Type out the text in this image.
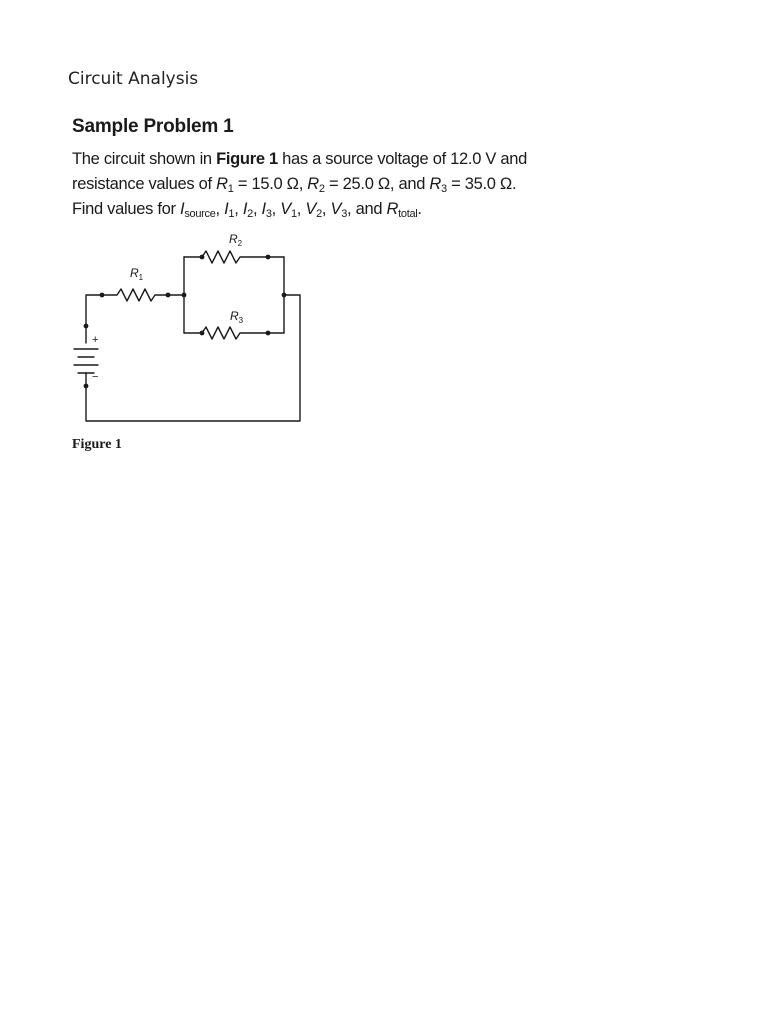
Circuit Analysis
Sample Problem 1
The circuit shown in Figure 1 has a source voltage of 12.0 V and
resistance values of $R_1 = 15.0$ Ω, $R_2 = 25.0$ Ω, and $R_3 = 35.0$ Ω.
Find values for $I_{source}$, $I_1$, $I_2$, $I_3$, $V_1$, $V_2$, $V_3$, and $R_{total}$.
$R_1$
$R_2$
$R_3$
+
−
Figure 1
